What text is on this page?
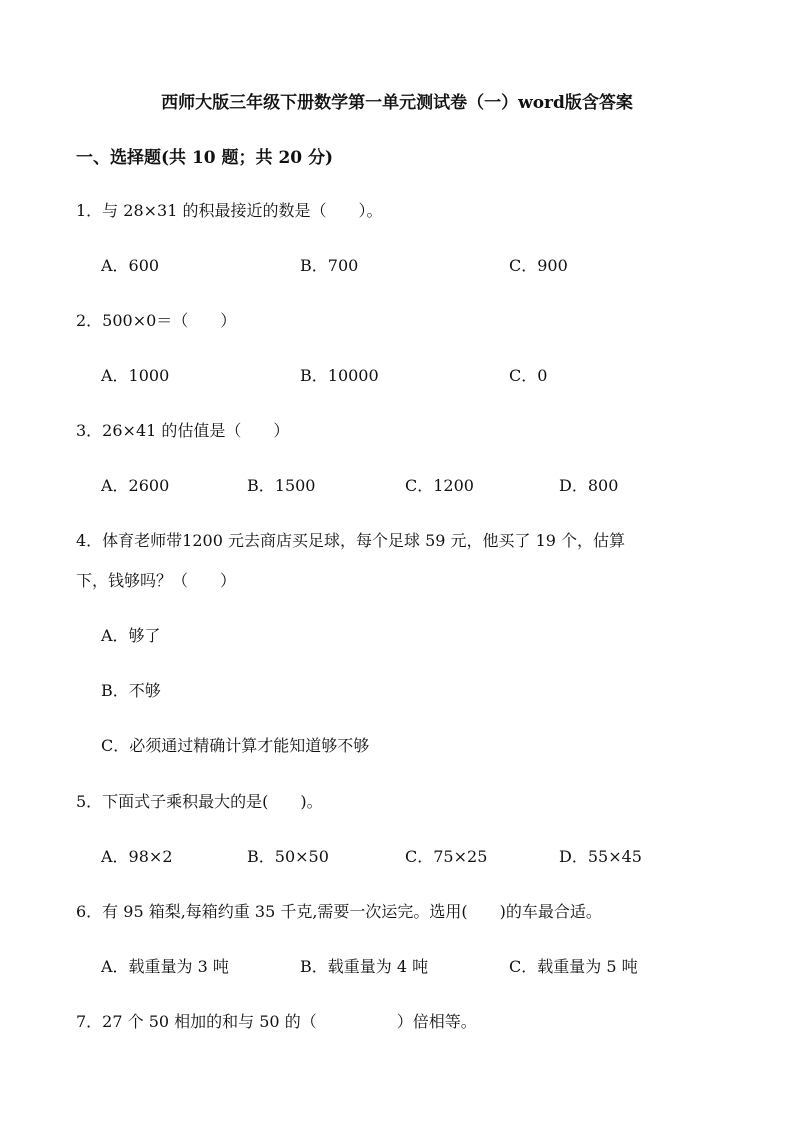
西师大版三年级下册数学第一单元测试卷（一）word版含答案
一、选择题(共 10 题；共 20 分)
1．与 28×31 的积最接近的数是（　　）。
A．600	B．700	C．900
2．500×0＝（　　）
A．1000	B．10000	C．0
3．26×41 的估值是（　　）
A．2600	B．1500	C．1200	D．800
4．体育老师带1200 元去商店买足球，每个足球 59 元，他买了 19 个，估算
下，钱够吗？（　　）
A．够了
B．不够
C．必须通过精确计算才能知道够不够
5．下面式子乘积最大的是(　　)。
A．98×2	B．50×50	C．75×25	D．55×45
6．有 95 箱梨,每箱约重 35 千克,需要一次运完。选用(　　)的车最合适。
A．载重量为 3 吨	B．载重量为 4 吨	C．载重量为 5 吨
7．27 个 50 相加的和与 50 的（　　　　　）倍相等。
